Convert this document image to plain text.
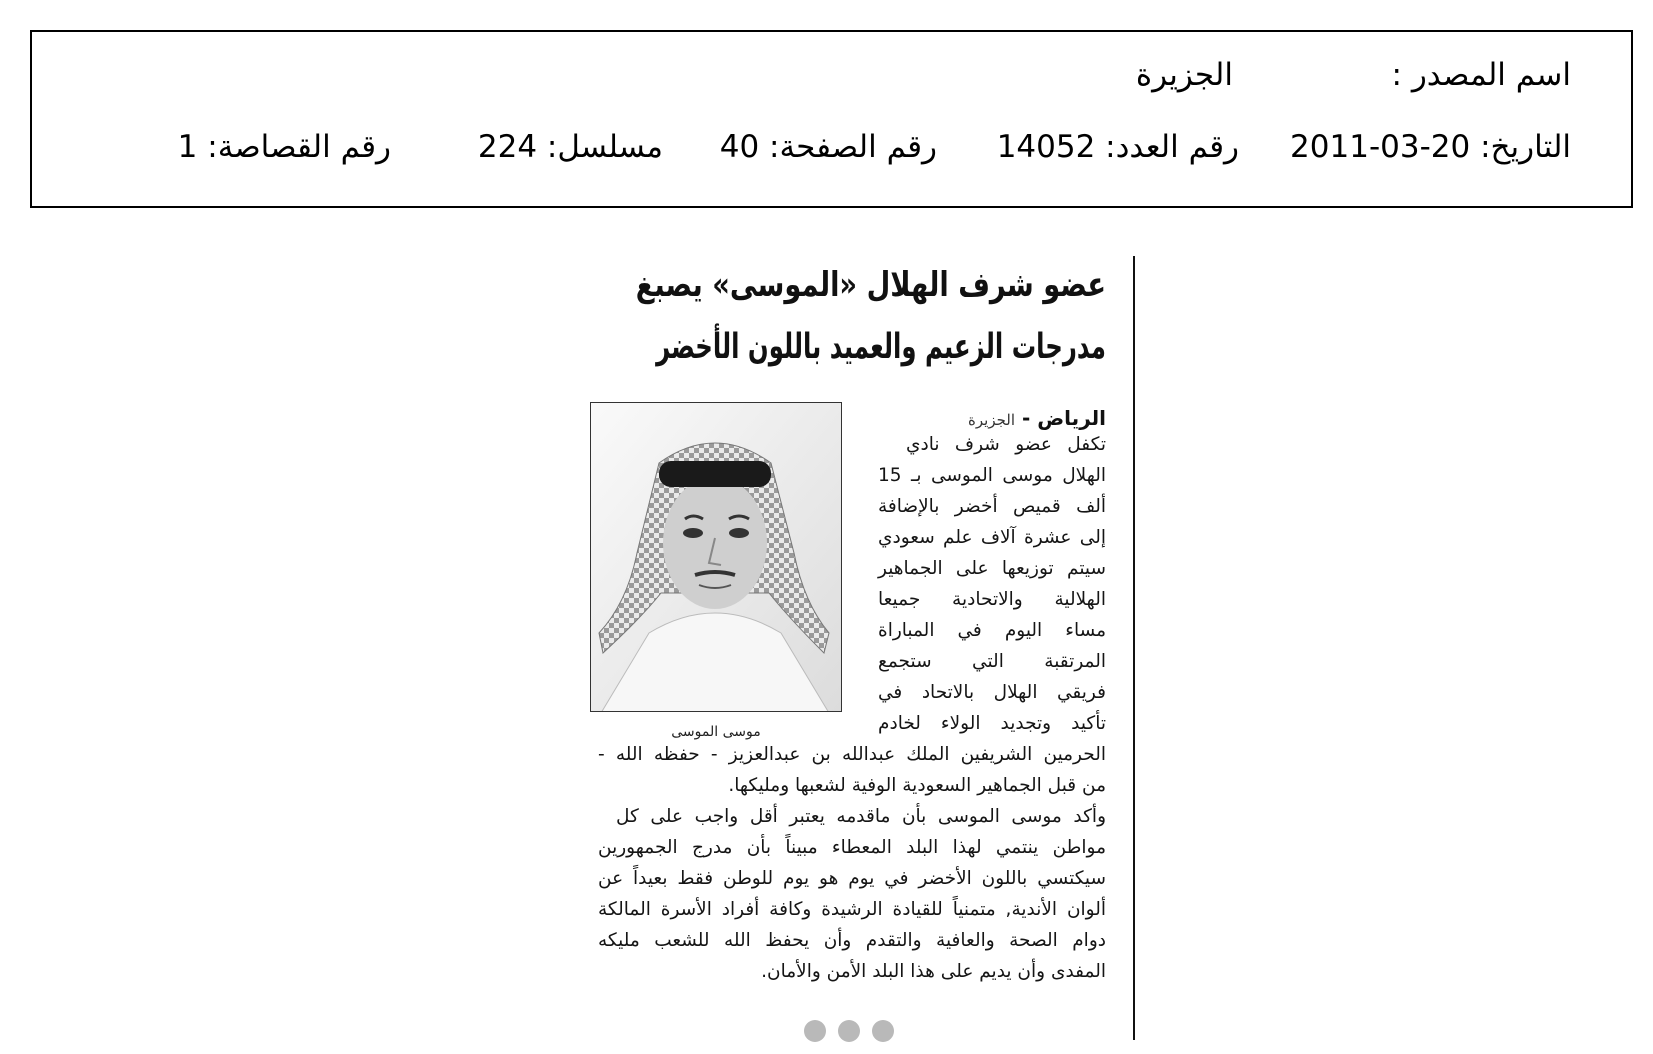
اسم المصدر :
الجزيرة
التاريخ: 20-03-2011
رقم العدد: 14052
رقم الصفحة: 40
مسلسل: 224
رقم القصاصة: 1
عضو شرف الهلال «الموسى» يصبغ
مدرجات الزعيم والعميد باللون الأخضر
موسى الموسى
الرياض - الجزيرة
تكفل عضو شرف نادي
الهلال موسى الموسى بـ 15
ألف قميص أخضر بالإضافة
إلى عشرة آلاف علم سعودي
سيتم توزيعها على الجماهير
الهلالية والاتحادية جميعا
مساء اليوم في المباراة
المرتقبة التي ستجمع
فريقي الهلال بالاتحاد في
تأكيد وتجديد الولاء لخادم
الحرمين الشريفين الملك عبدالله بن عبدالعزيز - حفظه الله -
من قبل الجماهير السعودية الوفية لشعبها ومليكها.
وأكد موسى الموسى بأن ماقدمه يعتبر أقل واجب على كل
مواطن ينتمي لهذا البلد المعطاء مبيناً بأن مدرج الجمهورين
سيكتسي باللون الأخضر في يوم هو يوم للوطن فقط بعيداً عن
ألوان الأندية, متمنياً للقيادة الرشيدة وكافة أفراد الأسرة المالكة
دوام الصحة والعافية والتقدم وأن يحفظ الله للشعب مليكه
المفدى وأن يديم على هذا البلد الأمن والأمان.
